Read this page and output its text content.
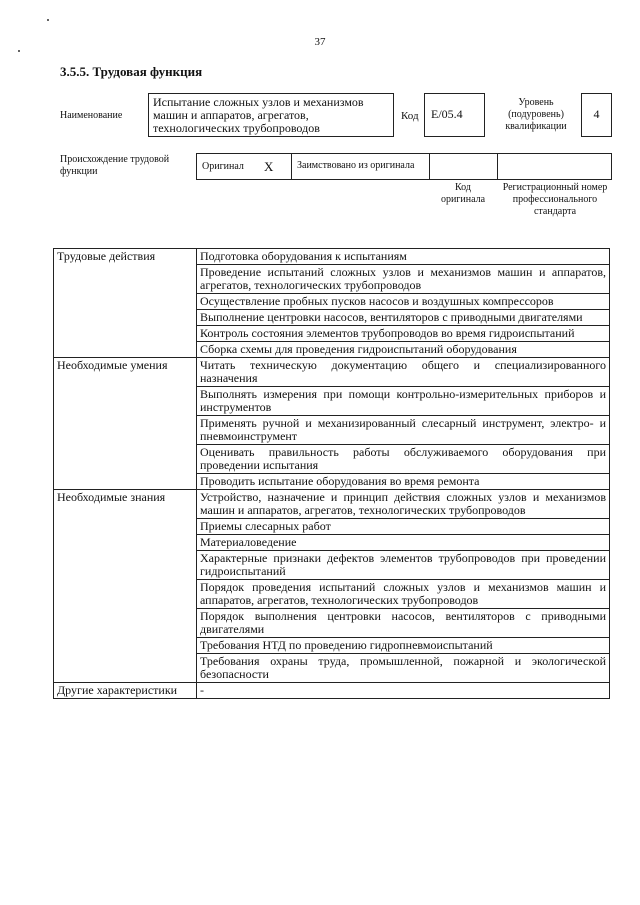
37
3.5.5. Трудовая функция
Наименование
Испытание сложных узлов и механизмов машин и аппаратов, агрегатов, технологических трубопроводов
Код	E/05.4
Уровень (подуровень) квалификации
4
Происхождение трудовой функции	Оригинал X	Заимствовано из оригинала
Код оригинала
Регистрационный номер профессионального стандарта
Трудовые действия	Подготовка оборудования к испытаниям
	Проведение испытаний сложных узлов и механизмов машин и аппаратов, агрегатов, технологических трубопроводов
	Осуществление пробных пусков насосов и воздушных компрессоров
	Выполнение центровки насосов, вентиляторов с приводными двигателями
	Контроль состояния элементов трубопроводов во время гидроиспытаний
	Сборка схемы для проведения гидроиспытаний оборудования
Необходимые умения	Читать техническую документацию общего и специализированного назначения
	Выполнять измерения при помощи контрольно-измерительных приборов и инструментов
	Применять ручной и механизированный слесарный инструмент, электро- и пневмоинструмент
	Оценивать правильность работы обслуживаемого оборудования при проведении испытания
	Проводить испытание оборудования во время ремонта
Необходимые знания	Устройство, назначение и принцип действия сложных узлов и механизмов машин и аппаратов, агрегатов, технологических трубопроводов
	Приемы слесарных работ
	Материаловедение
	Характерные признаки дефектов элементов трубопроводов при проведении гидроиспытаний
	Порядок проведения испытаний сложных узлов и механизмов машин и аппаратов, агрегатов, технологических трубопроводов
	Порядок выполнения центровки насосов, вентиляторов с приводными двигателями
	Требования НТД по проведению гидропневмоиспытаний
	Требования охраны труда, промышленной, пожарной и экологической безопасности
Другие характеристики	-
